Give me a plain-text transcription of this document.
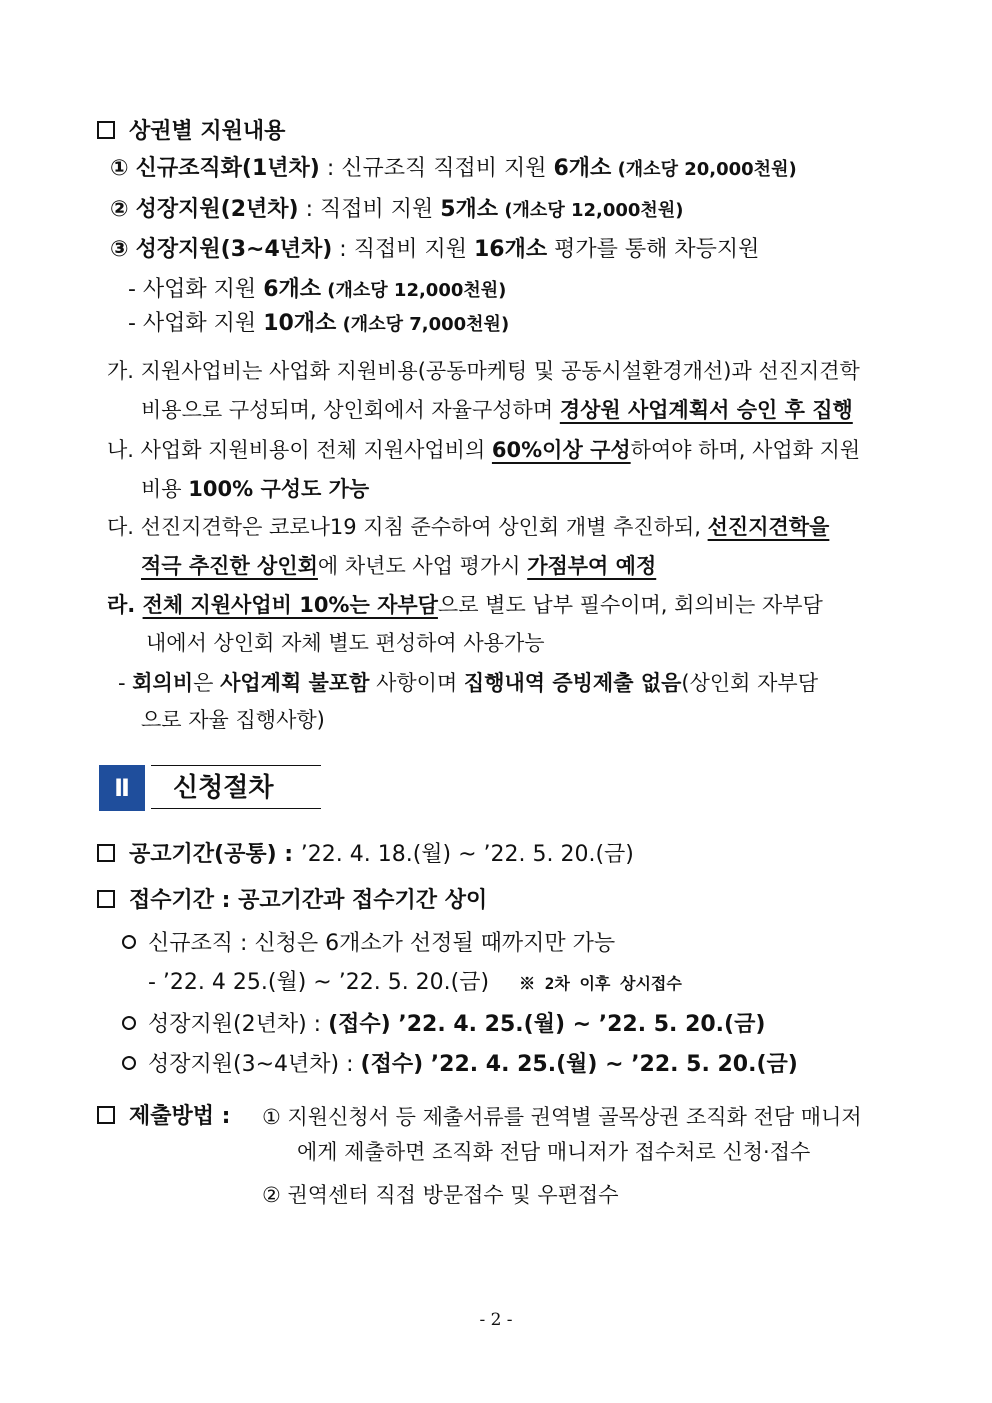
상권별 지원내용
① 신규조직화(1년차) : 신규조직 직접비 지원 6개소 (개소당 20,000천원)
② 성장지원(2년차) : 직접비 지원 5개소 (개소당 12,000천원)
③ 성장지원(3~4년차) : 직접비 지원 16개소 평가를 통해 차등지원
- 사업화 지원 6개소 (개소당 12,000천원)
- 사업화 지원 10개소 (개소당 7,000천원)
가. 지원사업비는 사업화 지원비용(공동마케팅 및 공동시설환경개선)과 선진지견학
비용으로 구성되며, 상인회에서 자율구성하며 경상원 사업계획서 승인 후 집행
나. 사업화 지원비용이 전체 지원사업비의 60%이상 구성하여야 하며, 사업화 지원
비용 100% 구성도 가능
다. 선진지견학은 코로나19 지침 준수하여 상인회 개별 추진하되, 선진지견학을
적극 추진한 상인회에 차년도 사업 평가시 가점부여 예정
라. 전체 지원사업비 10%는 자부담으로 별도 납부 필수이며, 회의비는 자부담
내에서 상인회 자체 별도 편성하여 사용가능
- 회의비은 사업계획 불포함 사항이며 집행내역 증빙제출 없음(상인회 자부담
으로 자율 집행사항)
Ⅱ	신청절차
공고기간(공통) : ’22. 4. 18.(월) ~ ’22. 5. 20.(금)
접수기간 : 공고기간과 접수기간 상이
신규조직 : 신청은 6개소가 선정될 때까지만 가능
- ’22. 4 25.(월) ~ ’22. 5. 20.(금) ※ 2차 이후 상시접수
성장지원(2년차) : (접수) ’22. 4. 25.(월) ~ ’22. 5. 20.(금)
성장지원(3~4년차) : (접수) ’22. 4. 25.(월) ~ ’22. 5. 20.(금)
제출방법 : ① 지원신청서 등 제출서류를 권역별 골목상권 조직화 전담 매니저
에게 제출하면 조직화 전담 매니저가 접수처로 신청·접수
② 권역센터 직접 방문접수 및 우편접수
- 2 -
